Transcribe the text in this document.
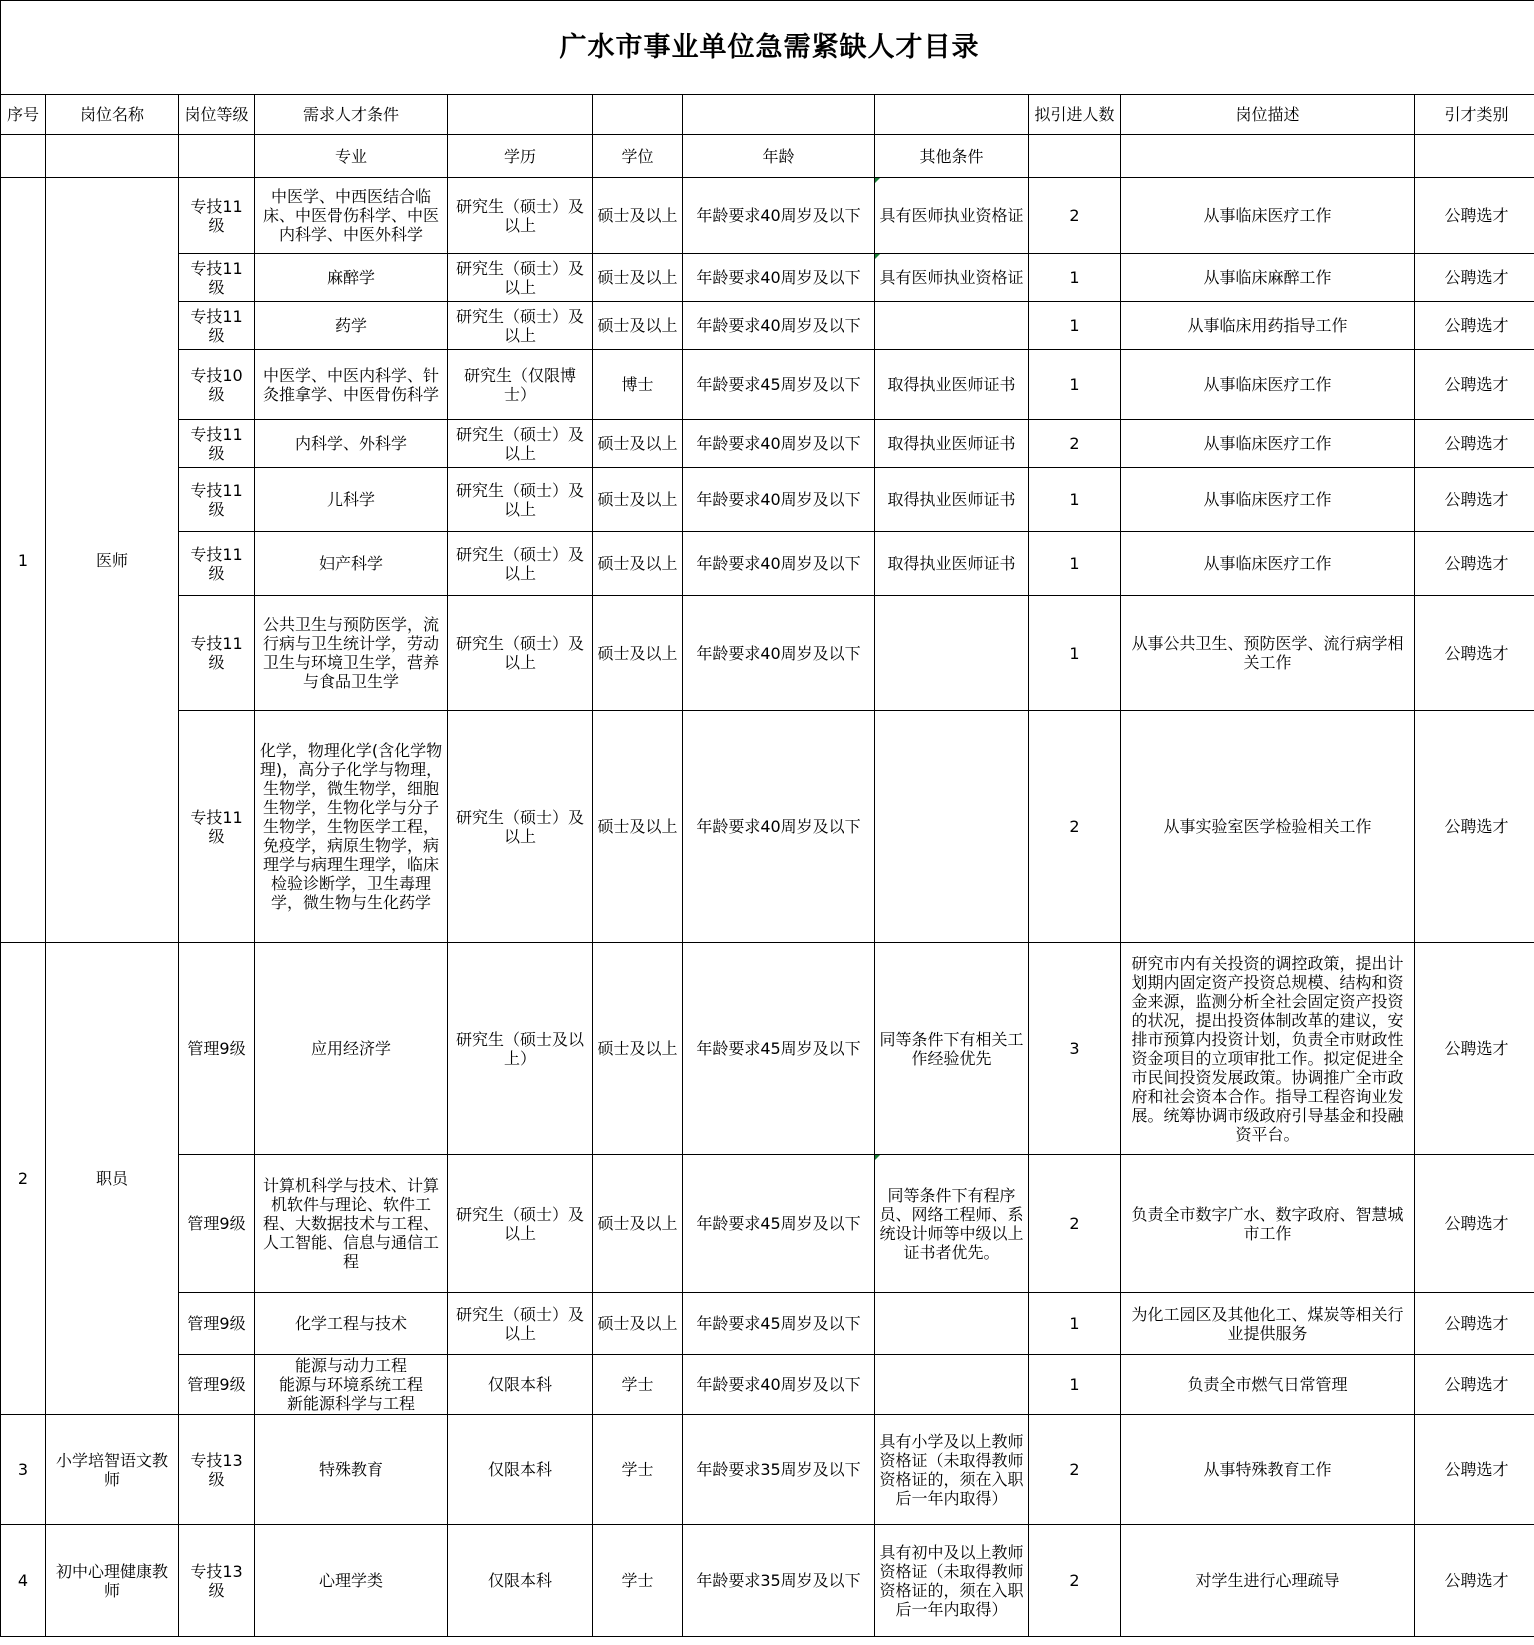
广水市事业单位急需紧缺人才目录										
序号	岗位名称	岗位等级	需求人才条件					拟引进人数	岗位描述	引才类别
			专业	学历	学位	年龄	其他条件			
1	医师	专技11级	中医学、中西医结合临床、中医骨伤科学、中医内科学、中医外科学	研究生（硕士）及以上	硕士及以上	年龄要求40周岁及以下	具有医师执业资格证	2	从事临床医疗工作	公聘选才
		专技11级	麻醉学	研究生（硕士）及以上	硕士及以上	年龄要求40周岁及以下	具有医师执业资格证	1	从事临床麻醉工作	公聘选才
		专技11级	药学	研究生（硕士）及以上	硕士及以上	年龄要求40周岁及以下		1	从事临床用药指导工作	公聘选才
		专技10级	中医学、中医内科学、针灸推拿学、中医骨伤科学	研究生（仅限博士）	博士	年龄要求45周岁及以下	取得执业医师证书	1	从事临床医疗工作	公聘选才
		专技11级	内科学、外科学	研究生（硕士）及以上	硕士及以上	年龄要求40周岁及以下	取得执业医师证书	2	从事临床医疗工作	公聘选才
		专技11级	儿科学	研究生（硕士）及以上	硕士及以上	年龄要求40周岁及以下	取得执业医师证书	1	从事临床医疗工作	公聘选才
		专技11级	妇产科学	研究生（硕士）及以上	硕士及以上	年龄要求40周岁及以下	取得执业医师证书	1	从事临床医疗工作	公聘选才
		专技11级	公共卫生与预防医学，流行病与卫生统计学，劳动卫生与环境卫生学，营养与食品卫生学	研究生（硕士）及以上	硕士及以上	年龄要求40周岁及以下		1	从事公共卫生、预防医学、流行病学相关工作	公聘选才
		专技11级	化学，物理化学(含化学物理)，高分子化学与物理，生物学，微生物学，细胞生物学，生物化学与分子生物学，生物医学工程，免疫学，病原生物学，病理学与病理生理学，临床检验诊断学，卫生毒理学，微生物与生化药学	研究生（硕士）及以上	硕士及以上	年龄要求40周岁及以下		2	从事实验室医学检验相关工作	公聘选才
2	职员	管理9级	应用经济学	研究生（硕士及以上）	硕士及以上	年龄要求45周岁及以下	同等条件下有相关工作经验优先	3	研究市内有关投资的调控政策，提出计划期内固定资产投资总规模、结构和资金来源，监测分析全社会固定资产投资的状况，提出投资体制改革的建议，安排市预算内投资计划，负责全市财政性资金项目的立项审批工作。拟定促进全市民间投资发展政策。协调推广全市政府和社会资本合作。指导工程咨询业发展。统筹协调市级政府引导基金和投融资平台。	公聘选才
		管理9级	计算机科学与技术、计算机软件与理论、软件工程、大数据技术与工程、人工智能、信息与通信工程	研究生（硕士）及以上	硕士及以上	年龄要求45周岁及以下	同等条件下有程序员、网络工程师、系统设计师等中级以上证书者优先。	2	负责全市数字广水、数字政府、智慧城市工作	公聘选才
		管理9级	化学工程与技术	研究生（硕士）及以上	硕士及以上	年龄要求45周岁及以下		1	为化工园区及其他化工、煤炭等相关行业提供服务	公聘选才
		管理9级	能源与动力工程
能源与环境系统工程
新能源科学与工程	仅限本科	学士	年龄要求40周岁及以下		1	负责全市燃气日常管理	公聘选才
3	小学培智语文教师	专技13级	特殊教育	仅限本科	学士	年龄要求35周岁及以下	具有小学及以上教师资格证（未取得教师资格证的，须在入职后一年内取得）	2	从事特殊教育工作	公聘选才
4	初中心理健康教师	专技13级	心理学类	仅限本科	学士	年龄要求35周岁及以下	具有初中及以上教师资格证（未取得教师资格证的，须在入职后一年内取得）	2	对学生进行心理疏导	公聘选才
